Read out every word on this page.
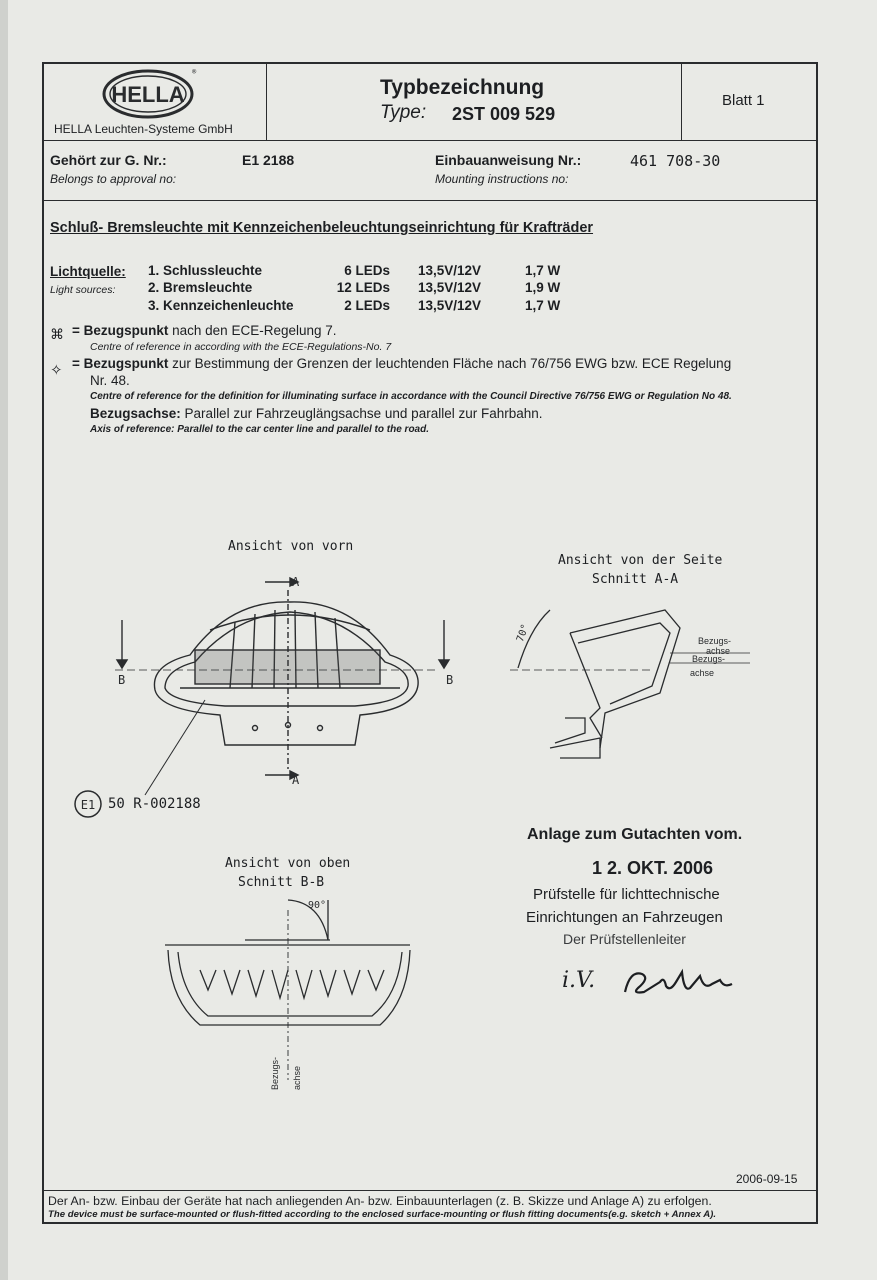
HELLA
®
HELLA Leuchten-Systeme GmbH
Typbezeichnung
Type: 2ST 009 529
Blatt 1
Gehört zur G. Nr.:
Belongs to approval no:
E1 2188	Einbauanweisung Nr.:
Mounting instructions no:
461 708-30
Schluß- Bremsleuchte mit Kennzeichenbeleuchtungseinrichtung für Krafträder
Lichtquelle:
Light sources:
1. Schlussleuchte	6 LEDs 13,5V/12V	1,7 W
2. Bremsleuchte	12 LEDs 13,5V/12V	1,9 W
3. Kennzeichenleuchte	2 LEDs 13,5V/12V	1,7 W
⌘ = Bezugspunkt nach den ECE-Regelung 7.
Centre of reference in according with the ECE-Regulations-No. 7
✧ = Bezugspunkt zur Bestimmung der Grenzen der leuchtenden Fläche nach 76/756 EWG bzw. ECE Regelung
Nr. 48.
Centre of reference for the definition for illuminating surface in accordance with the Council Directive 76/756 EWG or Regulation No 48.
Bezugsachse: Parallel zur Fahrzeuglängsachse und parallel zur Fahrbahn.
Axis of reference: Parallel to the car center line and parallel to the road.
Ansicht von vorn
A
A
B	B
E1 50 R-002188
Ansicht von der Seite
Schnitt A-A
70°	Bezugs-
achse
Bezugs-
achse
Ansicht von oben
Schnitt B-B
90°
Bezugs- achse
Anlage zum Gutachten vom.
1 2. OKT. 2006
Prüfstelle für lichttechnische
Einrichtungen an Fahrzeugen
Der Prüfstellenleiter
i.V.
2006-09-15
Der An- bzw. Einbau der Geräte hat nach anliegenden An- bzw. Einbauunterlagen (z. B. Skizze und Anlage A) zu erfolgen.
The device must be surface-mounted or flush-fitted according to the enclosed surface-mounting or flush fitting documents(e.g. sketch + Annex A).
